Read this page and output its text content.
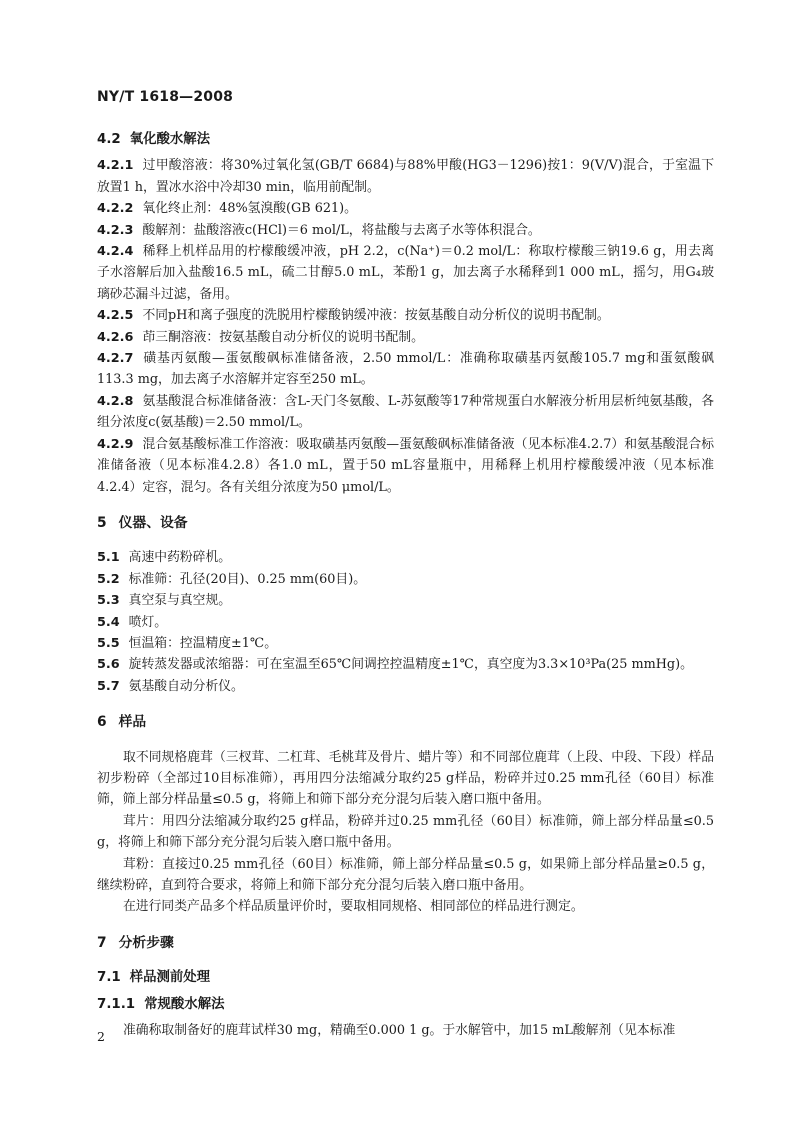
NY/T 1618—2008
4.2 氧化酸水解法

4.2.1 过甲酸溶液：将30%过氧化氢(GB/T 6684)与88%甲酸(HG3－1296)按1：9(V/V)混合，于室温下放置1 h，置冰水浴中冷却30 min，临用前配制。

4.2.2 氧化终止剂：48%氢溴酸(GB 621)。

4.2.3 酸解剂：盐酸溶液c(HCl)＝6 mol/L，将盐酸与去离子水等体积混合。

4.2.4 稀释上机样品用的柠檬酸缓冲液，pH 2.2，c(Na⁺)＝0.2 mol/L：称取柠檬酸三钠19.6 g，用去离子水溶解后加入盐酸16.5 mL，硫二甘醇5.0 mL，苯酚1 g，加去离子水稀释到1 000 mL，摇匀，用G₄玻璃砂芯漏斗过滤，备用。

4.2.5 不同pH和离子强度的洗脱用柠檬酸钠缓冲液：按氨基酸自动分析仪的说明书配制。

4.2.6 茚三酮溶液：按氨基酸自动分析仪的说明书配制。

4.2.7 磺基丙氨酸—蛋氨酸砜标准储备液，2.50 mmol/L：准确称取磺基丙氨酸105.7 mg和蛋氨酸砜113.3 mg，加去离子水溶解并定容至250 mL。

4.2.8 氨基酸混合标准储备液：含L-天门冬氨酸、L-苏氨酸等17种常规蛋白水解液分析用层析纯氨基酸，各组分浓度c(氨基酸)＝2.50 mmol/L。

4.2.9 混合氨基酸标准工作溶液：吸取磺基丙氨酸—蛋氨酸砜标准储备液（见本标准4.2.7）和氨基酸混合标准储备液（见本标准4.2.8）各1.0 mL，置于50 mL容量瓶中，用稀释上机用柠檬酸缓冲液（见本标准4.2.4）定容，混匀。各有关组分浓度为50 μmol/L。

5 仪器、设备

5.1 高速中药粉碎机。

5.2 标准筛：孔径(20目)、0.25 mm(60目)。

5.3 真空泵与真空规。

5.4 喷灯。

5.5 恒温箱：控温精度±1℃。

5.6 旋转蒸发器或浓缩器：可在室温至65℃间调控控温精度±1℃，真空度为3.3×10³Pa(25 mmHg)。

5.7 氨基酸自动分析仪。

6 样品

取不同规格鹿茸（三杈茸、二杠茸、毛桃茸及骨片、蜡片等）和不同部位鹿茸（上段、中段、下段）样品初步粉碎（全部过10目标准筛），再用四分法缩减分取约25 g样品，粉碎并过0.25 mm孔径（60目）标准筛，筛上部分样品量≤0.5 g，将筛上和筛下部分充分混匀后装入磨口瓶中备用。

茸片：用四分法缩减分取约25 g样品，粉碎并过0.25 mm孔径（60目）标准筛，筛上部分样品量≤0.5 g，将筛上和筛下部分充分混匀后装入磨口瓶中备用。

茸粉：直接过0.25 mm孔径（60目）标准筛，筛上部分样品量≤0.5 g，如果筛上部分样品量≥0.5 g，继续粉碎，直到符合要求，将筛上和筛下部分充分混匀后装入磨口瓶中备用。

在进行同类产品多个样品质量评价时，要取相同规格、相同部位的样品进行测定。

7 分析步骤
7.1 样品测前处理
7.1.1 常规酸水解法

准确称取制备好的鹿茸试样30 mg，精确至0.000 1 g。于水解管中，加15 mL酸解剂（见本标准

2
